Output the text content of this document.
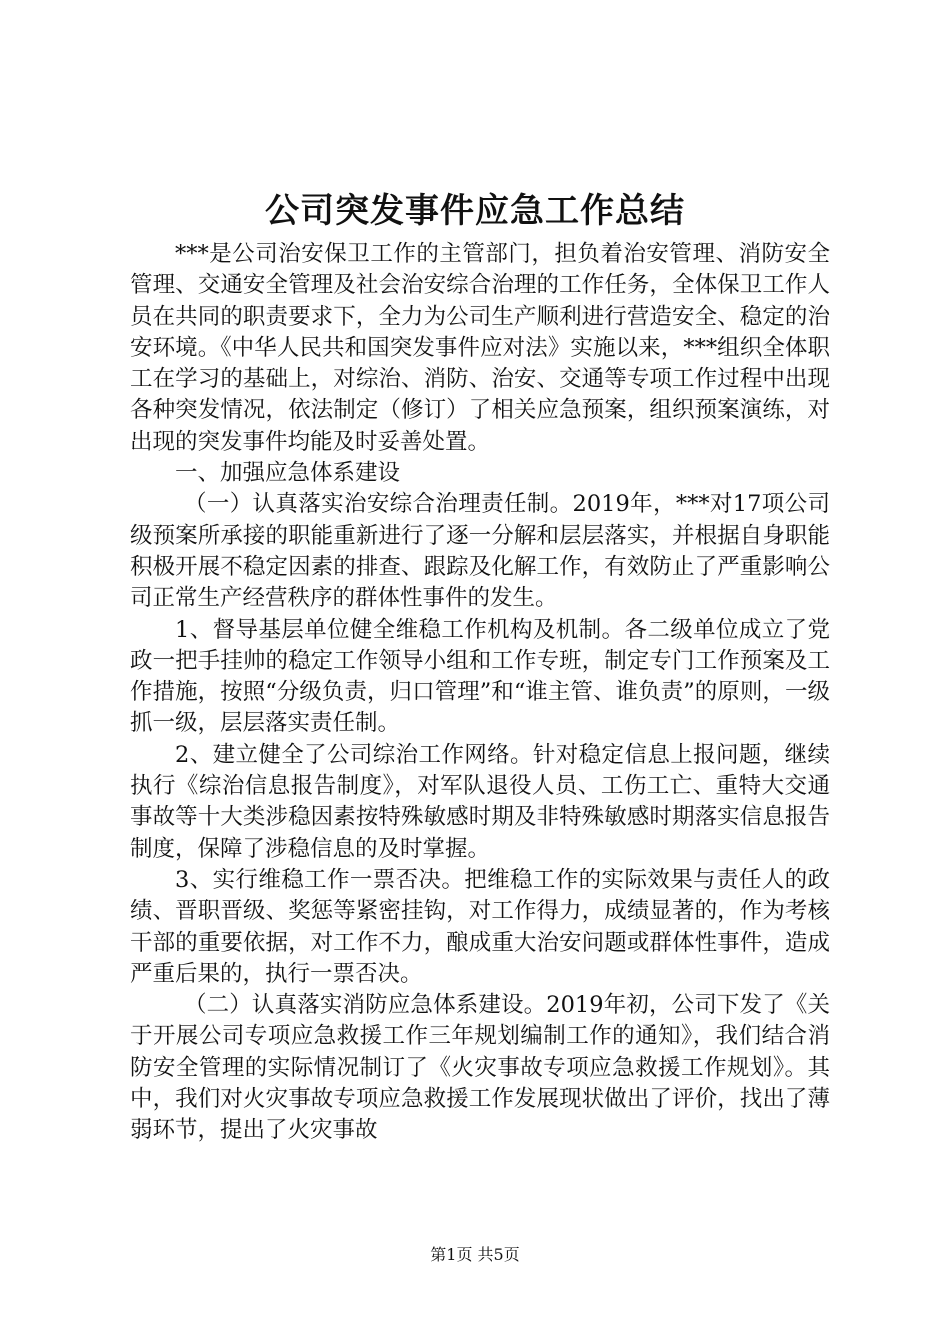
公司突发事件应急工作总结

***是公司治安保卫工作的主管部门，担负着治安管理、消防安全管理、交通安全管理及社会治安综合治理的工作任务，全体保卫工作人员在共同的职责要求下，全力为公司生产顺利进行营造安全、稳定的治安环境。《中华人民共和国突发事件应对法》实施以来，***组织全体职工在学习的基础上，对综治、消防、治安、交通等专项工作过程中出现各种突发情况，依法制定（修订）了相关应急预案，组织预案演练，对出现的突发事件均能及时妥善处置。

一、加强应急体系建设

（一）认真落实治安综合治理责任制。2019年，***对17项公司级预案所承接的职能重新进行了逐一分解和层层落实，并根据自身职能积极开展不稳定因素的排查、跟踪及化解工作，有效防止了严重影响公司正常生产经营秩序的群体性事件的发生。

1、督导基层单位健全维稳工作机构及机制。各二级单位成立了党政一把手挂帅的稳定工作领导小组和工作专班，制定专门工作预案及工作措施，按照“分级负责，归口管理”和“谁主管、谁负责”的原则，一级抓一级，层层落实责任制。

2、建立健全了公司综治工作网络。针对稳定信息上报问题，继续执行《综治信息报告制度》，对军队退役人员、工伤工亡、重特大交通事故等十大类涉稳因素按特殊敏感时期及非特殊敏感时期落实信息报告制度，保障了涉稳信息的及时掌握。

3、实行维稳工作一票否决。把维稳工作的实际效果与责任人的政绩、晋职晋级、奖惩等紧密挂钩，对工作得力，成绩显著的，作为考核干部的重要依据，对工作不力，酿成重大治安问题或群体性事件，造成严重后果的，执行一票否决。

（二）认真落实消防应急体系建设。2019年初，公司下发了《关于开展公司专项应急救援工作三年规划编制工作的通知》，我们结合消防安全管理的实际情况制订了《火灾事故专项应急救援工作规划》。其中，我们对火灾事故专项应急救援工作发展现状做出了评价，找出了薄弱环节，提出了火灾事故

第1页 共5页
